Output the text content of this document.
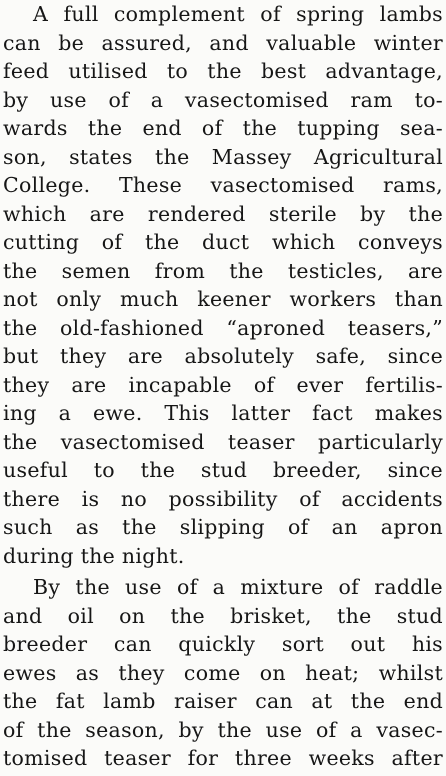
A full complement of spring lambs
can be assured, and valuable winter
feed utilised to the best advantage,
by use of a vasectomised ram to-
wards the end of the tupping sea-
son, states the Massey Agricultural
College. These vasectomised rams,
which are rendered sterile by the
cutting of the duct which conveys
the semen from the testicles, are
not only much keener workers than
the old-fashioned “aproned teasers,”
but they are absolutely safe, since
they are incapable of ever fertilis-
ing a ewe. This latter fact makes
the vasectomised teaser particularly
useful to the stud breeder, since
there is no possibility of accidents
such as the slipping of an apron
during the night.
By the use of a mixture of raddle
and oil on the brisket, the stud
breeder can quickly sort out his
ewes as they come on heat; whilst
the fat lamb raiser can at the end
of the season, by the use of a vasec-
tomised teaser for three weeks after
